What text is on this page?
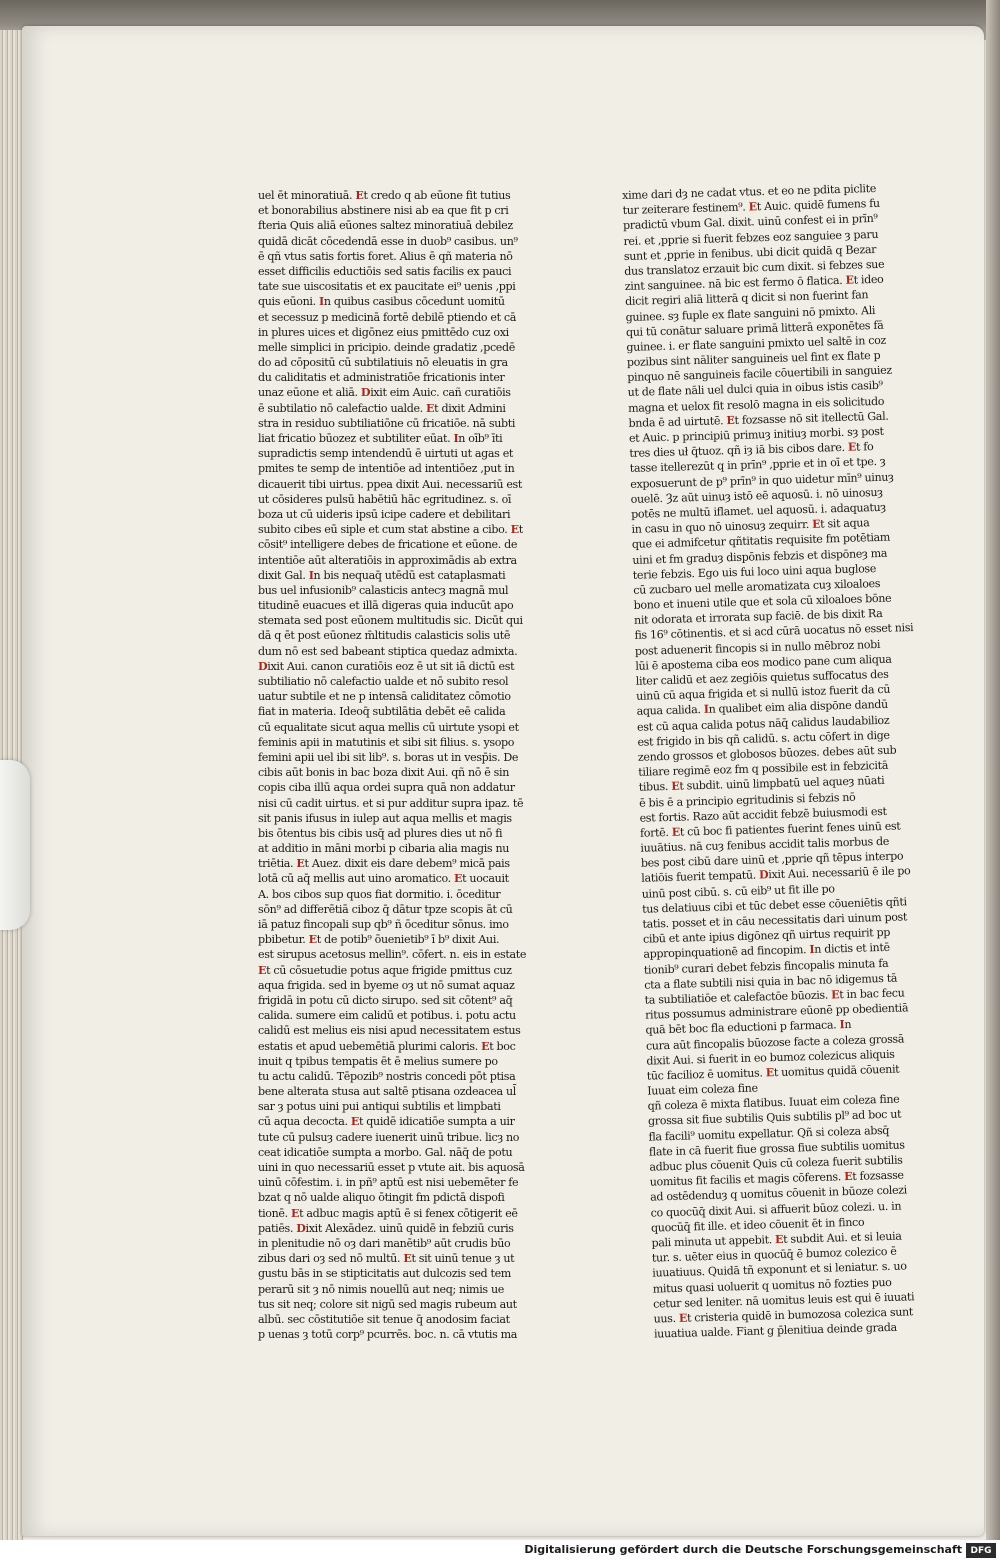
uel ēt minoratiuā. Et credo q ab eūone fit tutius
et bonorabilius abstinere nisi ab ea que fit p cri
fteria Quis aliā eūones saltez minoratiuā debilez
quidā dicāt cōcedendā esse in duob⁹ casibus. un⁹
ē qñ vtus satis fortis foret. Alius ē qñ materia nō
esset difficilis eductiōis sed satis facilis ex pauci
tate sue uiscositatis et ex paucitate ei⁹ uenis ,ppi
quis eūoni. In quibus casibus cōcedunt uomitū
et secessuz p medicinā fortē debilē ptiendo et cā
in plures uices et digōnez eius pmittēdo cuz oxi
melle simplici in pricipio. deinde gradatiz ,pcedē
do ad cōpositū cū subtilatiuis nō eleuatis in gra
du caliditatis et administratiōe fricationis inter
unaz eūone et aliā. Dixit eim Auic. cañ curatiōis
ē subtilatio nō calefactio ualde. Et dixit Admini
stra in residuo subtiliatiōne cū fricatiōe. nā subti
liat fricatio būozez et subtiliter eūat. In oīb⁹ īti
supradictis semp intendendū ē uirtuti ut agas et
pmites te semp de intentiōe ad intentiōez ,put in
dicauerit tibi uirtus. ppea dixit Aui. necessariū est
ut cōsideres pulsū habētiū hāc egritudinez. s. oī
boza ut cū uideris ipsū icipe cadere et debilitari
subito cibes eū siple et cum stat abstine a cibo. Et
cōsit⁹ intelligere debes de fricatione et eūone. de
intentiōe aūt alteratiōis in approximādis ab extra
dixit Gal. In bis nequaq̄ utēdū est cataplasmati
bus uel infusionib⁹ calasticis antecȝ magnā mul
titudinē euacues et illā digeras quia inducūt apo
stemata sed post eūonem multitudis sic. Dicūt qui
dā q ēt post eūonez m̄ltitudis calasticis solis utē
dum nō est sed babeant stiptica quedaz admixta.
Dixit Aui. canon curatiōis eoz ē ut sit iā dictū est
subtiliatio nō calefactio ualde et nō subito resol
uatur subtile et ne p intensā caliditatez cōmotio
fiat in materia. Ideoq̄ subtilātia debēt eē calida
cū equalitate sicut aqua mellis cū uirtute ysopi et
feminis apii in matutinis et sibi sit filius. s. ysopo
femini apii uel ibi sit lib⁹. s. boras ut in vesp̄is. De
cibis aūt bonis in bac boza dixit Aui. qñ nō ē sin
copis ciba illū aqua ordei supra quā non addatur
nisi cū cadit uirtus. et si pur additur supra ipaz. tē
sit panis ifusus in iulep aut aqua mellis et magis
bis ōtentus bis cibis usq̄ ad plures dies ut nō fi
at additio in māni morbi p cibaria alia magis nu
triētia. Et Auez. dixit eis dare debem⁹ micā pais
lotā cū aq̄ mellis aut uino aromatico. Et uocauit
A. bos cibos sup quos fiat dormitio. i. ōceditur
sōn⁹ ad differētiā ciboz q̄ dātur tpze scopis āt cū
iā patuz fincopali sup qb⁹ ñ ōceditur sōnus. imo
pbibetur. Et de potib⁹ ōuenietib⁹ ī b⁹ dixit Aui.
est sirupus acetosus mellin⁹. cōfert. n. eis in estate
Et cū cōsuetudie potus aque frigide pmittus cuz
aqua frigida. sed in byeme oȝ ut nō sumat aquaz
frigidā in potu cū dicto sirupo. sed sit cōtent⁹ aq̄
calida. sumere eim calidū et potibus. i. potu actu
calidū est melius eis nisi apud necessitatem estus
estatis et apud uebemētiā plurimi caloris. Et boc
inuit q tpibus tempatis ēt ē melius sumere po
tu actu calidū. Tēpozib⁹ nostris concedi pōt ptisa
bene alterata stusa aut saltē ptisana ozdeacea ul̄
sar ȝ potus uini pui antiqui subtilis et limpbati
cū aqua decocta. Et quidē idicatiōe sumpta a uir
tute cū pulsuȝ cadere iuenerit uinū tribue. licȝ no
ceat idicatiōe sumpta a morbo. Gal. nāq̄ de potu
uini in quo necessariū esset p vtute ait. bis aquosā
uinū cōfestim. i. in pñ⁹ aptū est nisi uebemēter fe
bzat q nō ualde aliquo ōtingit fm pdictā dispofi
tionē. Et adbuc magis aptū ē si fenex cōtigerit eē
patiēs. Dixit Alexādez. uinū quidē in febziū curis
in plenitudie nō oȝ dari manētib⁹ aūt crudis būo
zibus dari oȝ sed nō multū. Et sit uinū tenue ȝ ut
gustu bās in se stipticitatis aut dulcozis sed tem
perarū sit ȝ nō nimis nouellū aut neq; nimis ue
tus sit neq; colore sit nigū sed magis rubeum aut
albū. sec cōstitutiōe sit tenue q̄ anodosim faciat
p uenas ȝ totū corp⁹ pcurrēs. boc. n. cā vtutis ma
xime dari dȝ ne cadat vtus. et eo ne pdita piclite
tur zeiterare festinem⁹. Et Auic. quidē fumens fu
pradictū vbum Gal. dixit. uinū confest ei in prīn⁹
rei. et ,pprie si fuerit febzes eoz sanguiee ȝ paru
sunt et ,pprie in fenibus. ubi dicit quidā q Bezar
dus translatoz erzauit bic cum dixit. si febzes sue
zint sanguinee. nā bic est fermo ō flatica. Et ideo
dicit regiri aliā litterā q dicit si non fuerint fan
guinee. sȝ fuple ex flate sanguini nō pmixto. Ali
qui tū conātur saluare primā litterā exponētes fā
guinee. i. er flate sanguini pmixto uel saltē in coz
pozibus sint nāliter sanguineis uel fint ex flate p
pinquo nē sanguineis facile cōuertibili in sanguiez
ut de flate nāli uel dulci quia in oibus istis casib⁹
magna et uelox fit resolō magna in eis solicitudo
bnda ē ad uirtutē. Et fozsasse nō sit itellectū Gal.
et Auic. p principiū primuȝ initiuȝ morbi. sȝ post
tres dies uł q̄tuoz. qñ iȝ iā bis cibos dare. Et fo
tasse itellerezūt q in prīn⁹ ,pprie et in oī et tpe. ȝ
exposuerunt de p⁹ prīn⁹ in quo uidetur mīn⁹ uinuȝ
ouelē. Ȝz aūt uinuȝ istō eē aquosū. i. nō uinosuȝ
potēs ne multū iflamet. uel aquosū. i. adaquatuȝ
in casu in quo nō uinosuȝ zequirr. Et sit aqua
que ei admifcetur qñtitatis requisite fm potētiam
uini et fm graduȝ dispōnis febzis et dispōneȝ ma
terie febzis. Ego uis fui loco uini aqua buglose
cū zucbaro uel melle aromatizata cuȝ xiloaloes
bono et inueni utile que et sola cū xiloaloes bōne
nit odorata et irrorata sup faciē. de bis dixit Ra
fis 16⁹ cōtinentis. et si acd cūrā uocatus nō esset nisi
post aduenerit fincopis si in nullo mēbroz nobi
lūi ē apostema ciba eos modico pane cum aliqua
liter calidū et aez zegiōis quietus suffocatus des
uinū cū aqua frigida et si nullū istoz fuerit da cū
aqua calida. In qualibet eim alia dispōne dandū
est cū aqua calida potus nāq̄ calidus laudabilioz
est frigido in bis qñ calidū. s. actu cōfert in dige
zendo grossos et globosos būozes. debes aūt sub
tiliare regimē eoz fm q possibile est in febzicitā
tibus. Et subdit. uinū limpbatū uel aqueȝ nūati
ē bis ē a principio egritudinis si febzis nō
est fortis. Razo aūt accidit febzē buiusmodi est
fortē. Et cū boc fi patientes fuerint fenes uinū est
iuuātius. nā cuȝ fenibus accidit talis morbus de
bes post cibū dare uinū et ,pprie qñ tēpus interpo
latiōis fuerit tempatū. Dixit Aui. necessariū ē ile po
uinū post cibū. s. cū eib⁹ ut fit ille po
tus delatiuus cibi et tūc debet esse cōueniētis qñti
tatis. posset et in cāu necessitatis dari uinum post
cibū et ante ipius digōnez qñ uirtus requirit pp
appropinquationē ad fincopim. In dictis et intē
tionib⁹ curari debet febzis fincopalis minuta fa
cta a flate subtili nisi quia in bac nō idigemus tā
ta subtiliatiōe et calefactōe būozis. Et in bac fecu
ritus possumus administrare eūonē pp obedientiā
quā bēt boc fla eductioni p farmaca. In
cura aūt fincopalis būozose facte a coleza grossā
dixit Aui. si fuerit in eo bumoz colezicus aliquis
tūc facilioz ē uomitus. Et uomitus quidā cōuenit
Iuuat eim coleza fine
qñ coleza ē mixta flatibus. Iuuat eim coleza fine
grossa sit fiue subtilis Quis subtilis pl⁹ ad boc ut
fla facili⁹ uomitu expellatur. Qñ si coleza absq̄
flate in cā fuerit fiue grossa fiue subtilis uomitus
adbuc plus cōuenit Quis cū coleza fuerit subtilis
uomitus fit facilis et magis cōferens. Et fozsasse
ad ostēdenduȝ q uomitus cōuenit in būoze colezi
co quocūq̄ dixit Aui. si affuerit būoz colezi. u. in
quocūq̄ fit ille. et ideo cōuenit ēt in finco
pali minuta ut appebit. Et subdit Aui. et si leuia
tur. s. uēter eius in quocūq̄ ē bumoz colezico ē
iuuatiuus. Quidā tñ exponunt et si leniatur. s. uo
mitus quasi uoluerit q uomitus nō fozties puo
cetur sed leniter. nā uomitus leuis est qui ē iuuati
uus. Et cristeria quidē in bumozosa colezica sunt
iuuatiua ualde. Fiant g p̄lenitiua deinde grada
Digitalisierung gefördert durch die Deutsche Forschungsgemeinschaft DFG
